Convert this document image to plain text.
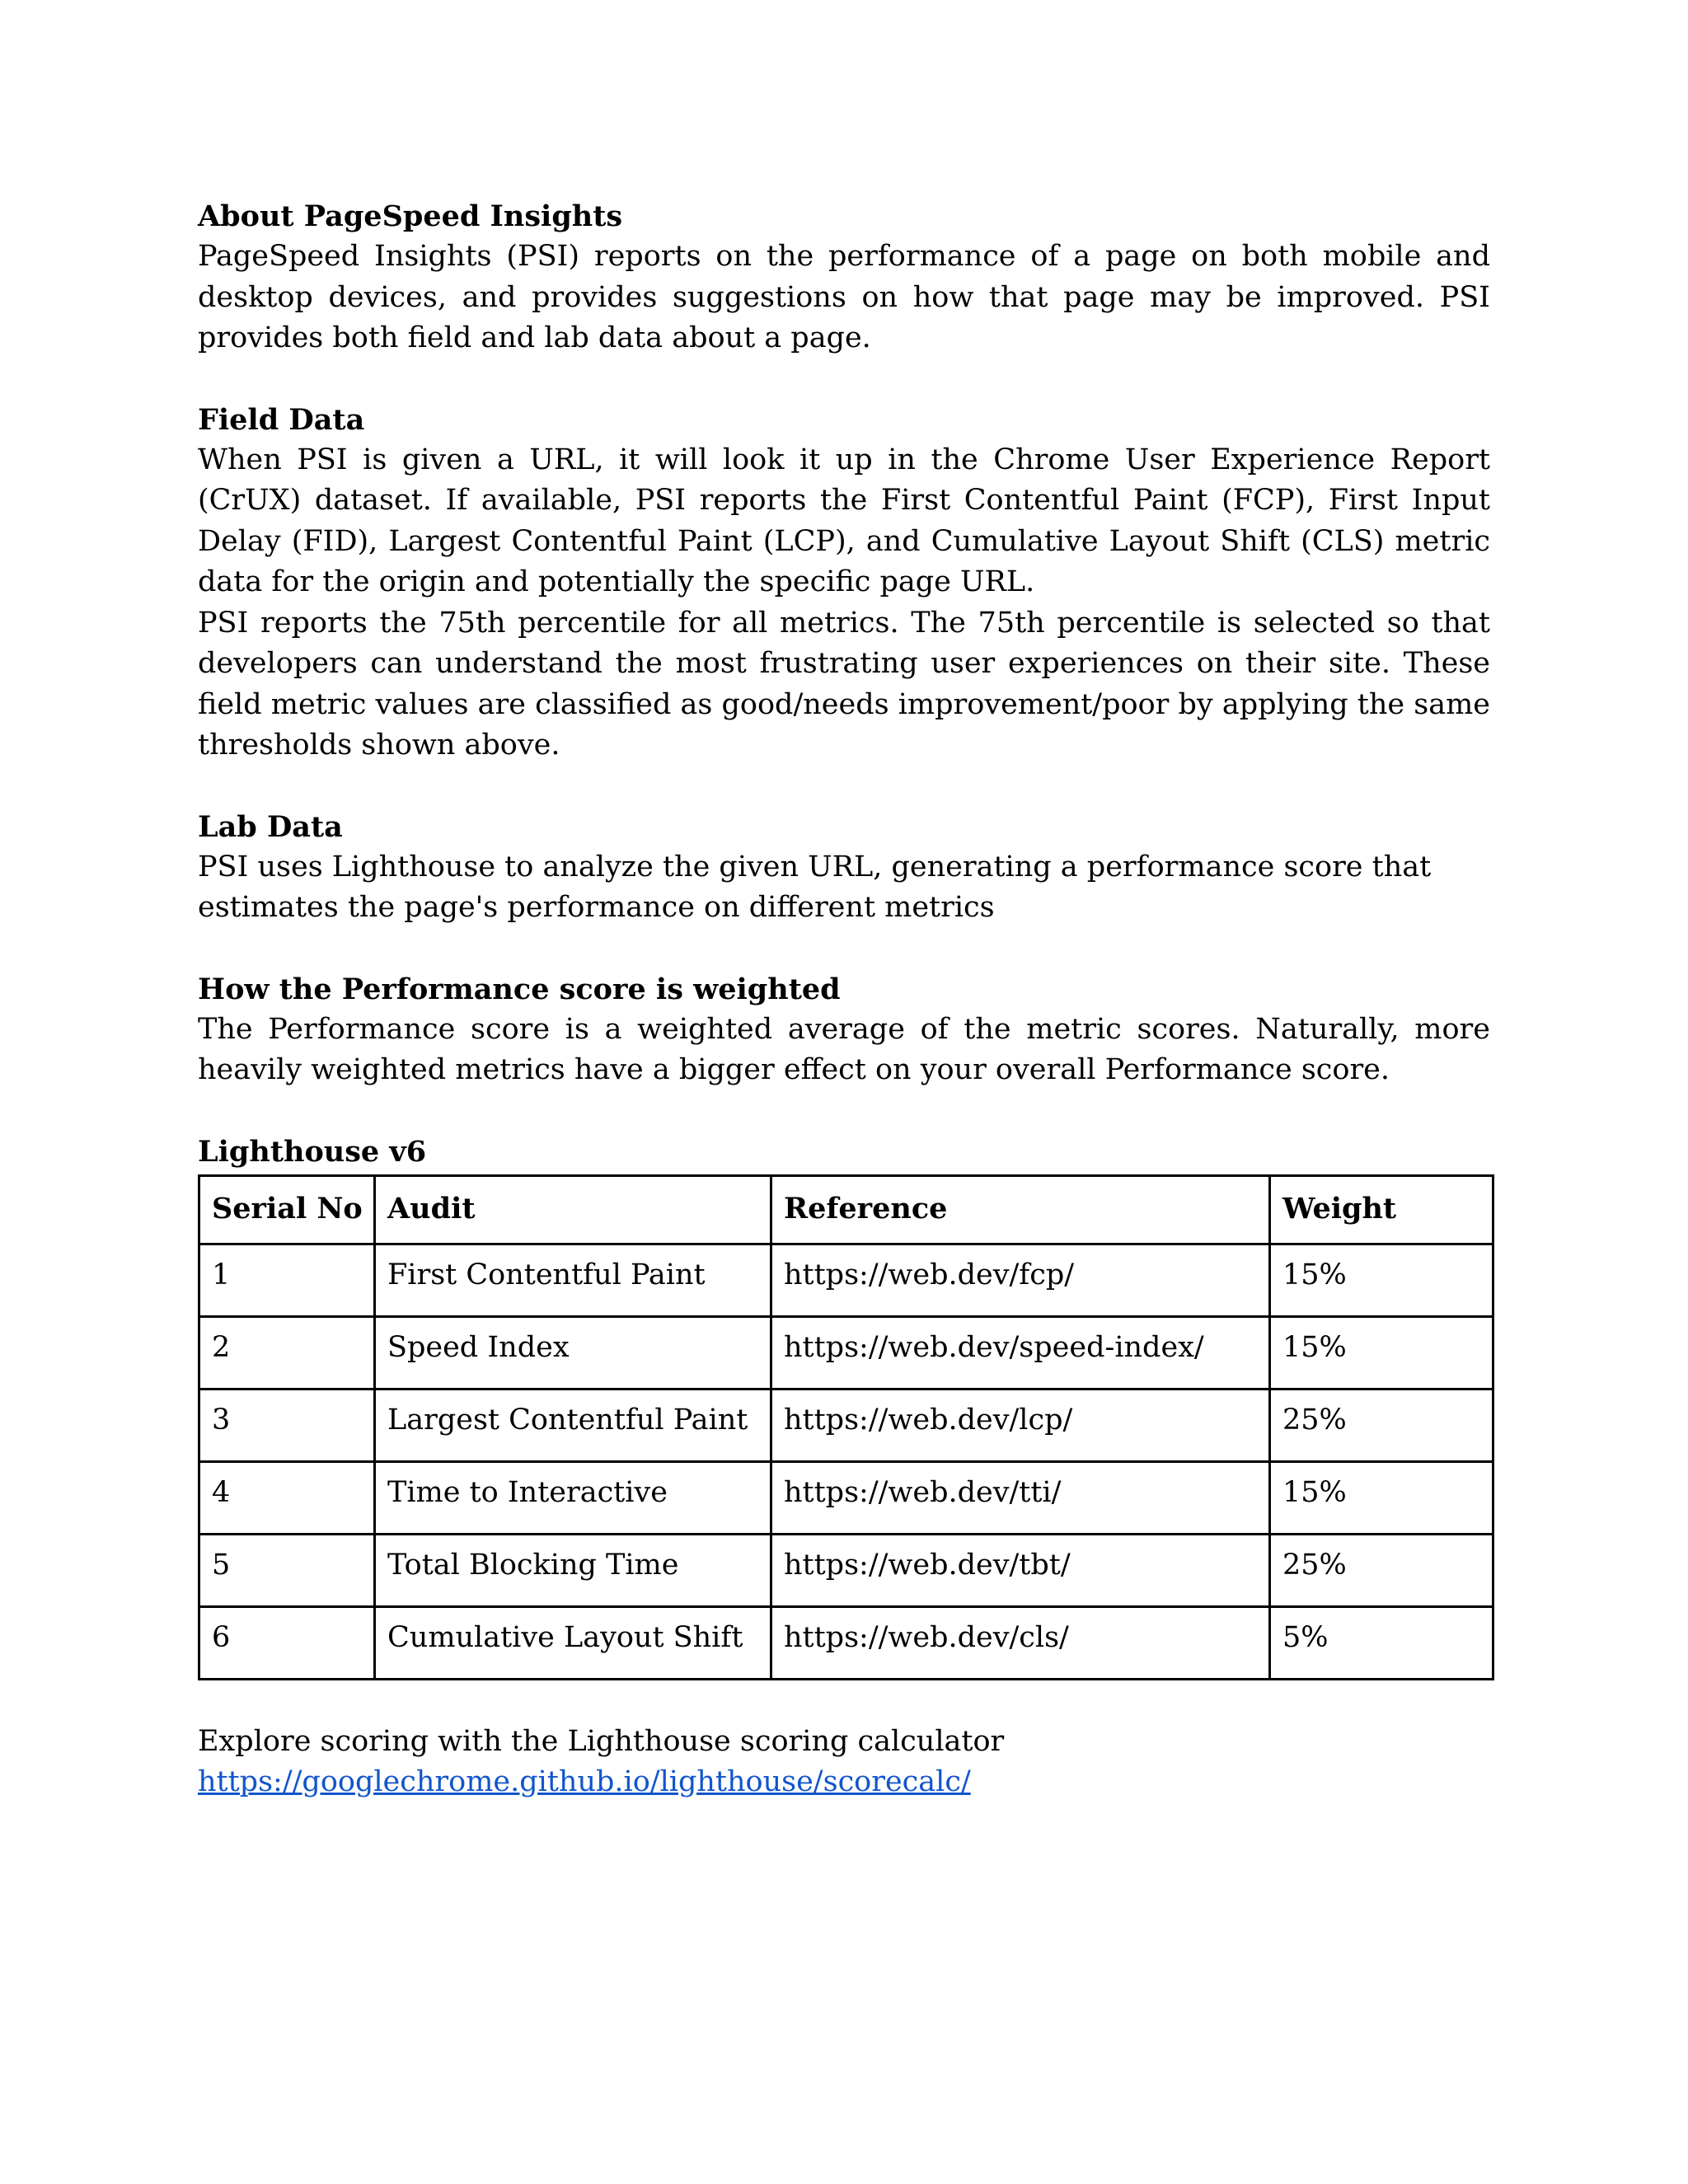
About PageSpeed Insights

PageSpeed Insights (PSI) reports on the performance of a page on both mobile and desktop devices, and provides suggestions on how that page may be improved. PSI provides both field and lab data about a page.

Field Data

When PSI is given a URL, it will look it up in the Chrome User Experience Report (CrUX) dataset. If available, PSI reports the First Contentful Paint (FCP), First Input Delay (FID), Largest Contentful Paint (LCP), and Cumulative Layout Shift (CLS) metric data for the origin and potentially the specific page URL.

PSI reports the 75th percentile for all metrics. The 75th percentile is selected so that developers can understand the most frustrating user experiences on their site. These field metric values are classified as good/needs improvement/poor by applying the same thresholds shown above.

Lab Data

PSI uses Lighthouse to analyze the given URL, generating a performance score that estimates the page's performance on different metrics

How the Performance score is weighted

The Performance score is a weighted average of the metric scores. Naturally, more heavily weighted metrics have a bigger effect on your overall Performance score.

Lighthouse v6

Serial No	Audit	Reference	Weight
1	First Contentful Paint	https://web.dev/fcp/	15%
2	Speed Index	https://web.dev/speed-index/	15%
3	Largest Contentful Paint	https://web.dev/lcp/	25%
4	Time to Interactive	https://web.dev/tti/	15%
5	Total Blocking Time	https://web.dev/tbt/	25%
6	Cumulative Layout Shift	https://web.dev/cls/	5%

Explore scoring with the Lighthouse scoring calculator

https://googlechrome.github.io/lighthouse/scorecalc/
